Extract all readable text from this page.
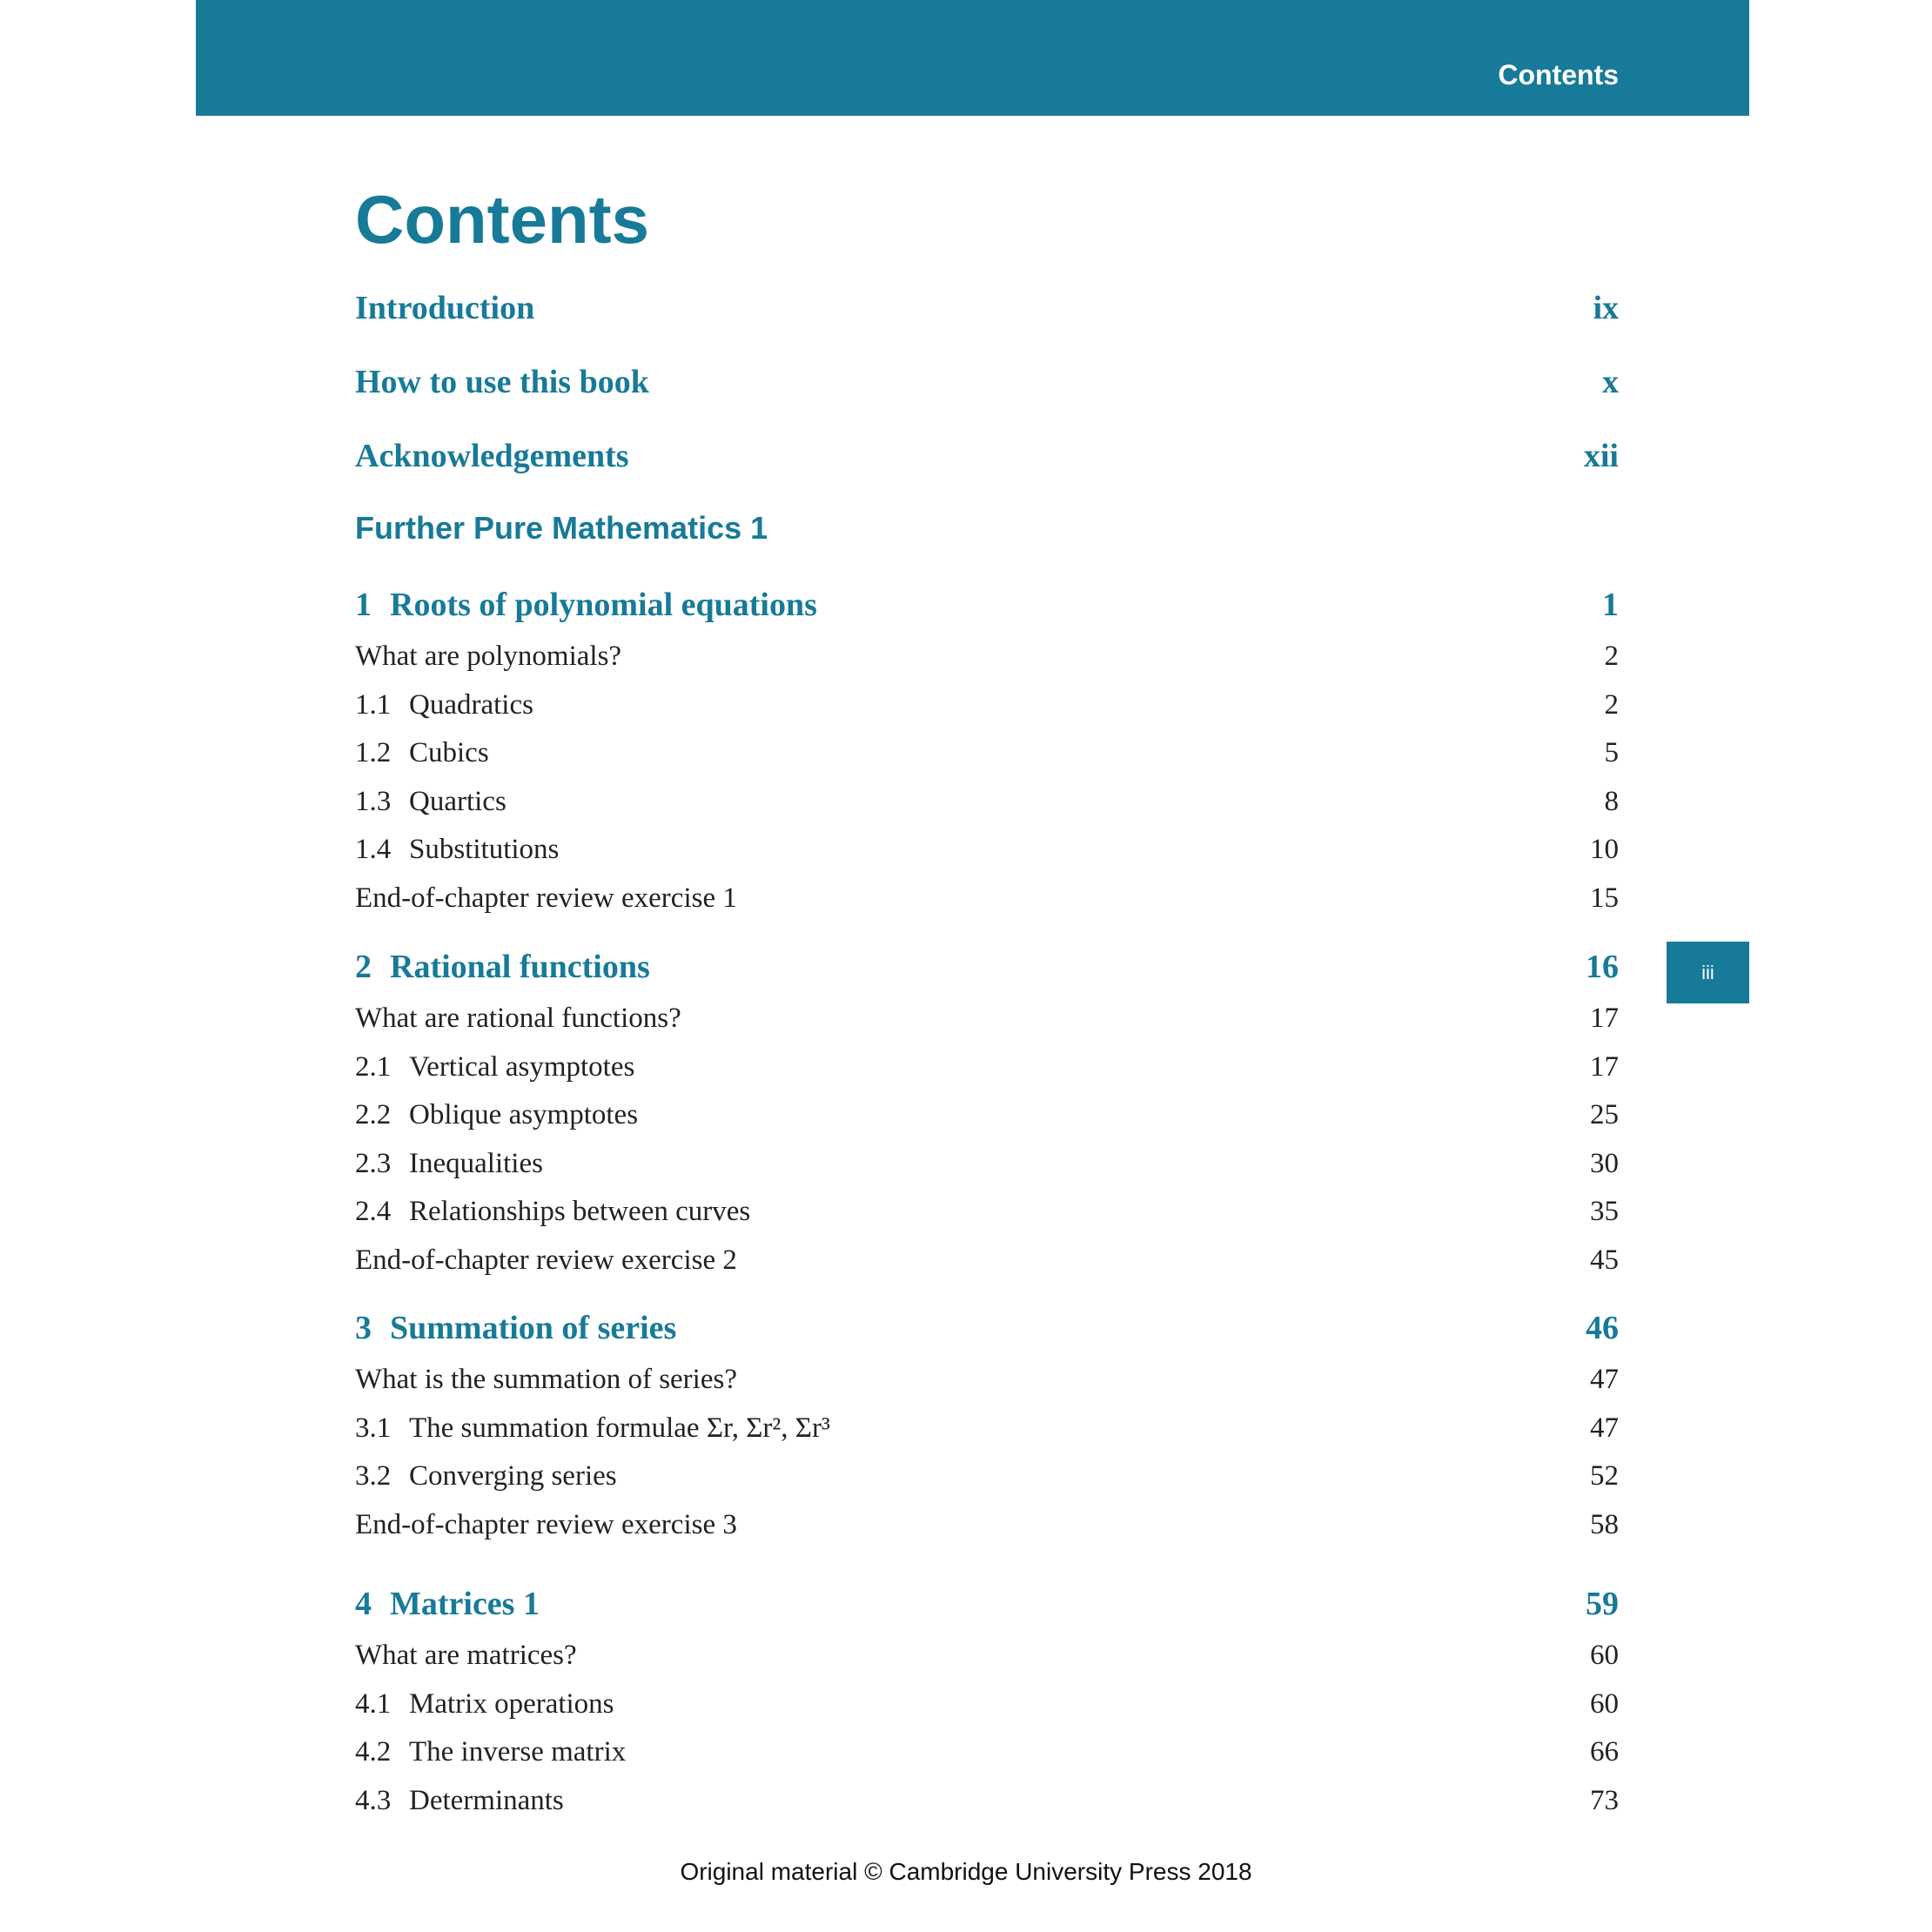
Contents
iii
Contents
Introduction	ix
How to use this book	x
Acknowledgements	xii
Further Pure Mathematics 1
1 Roots of polynomial equations	1
What are polynomials?	2
1.1 Quadratics	2
1.2 Cubics	5
1.3 Quartics	8
1.4 Substitutions	10
End-of-chapter review exercise 1	15
2 Rational functions	16
What are rational functions?	17
2.1 Vertical asymptotes	17
2.2 Oblique asymptotes	25
2.3 Inequalities	30
2.4 Relationships between curves	35
End-of-chapter review exercise 2	45
3 Summation of series	46
What is the summation of series?	47
3.1 The summation formulae Σr, Σr², Σr³	47
3.2 Converging series	52
End-of-chapter review exercise 3	58
4 Matrices 1	59
What are matrices?	60
4.1 Matrix operations	60
4.2 The inverse matrix	66
4.3 Determinants	73
Original material © Cambridge University Press 2018
